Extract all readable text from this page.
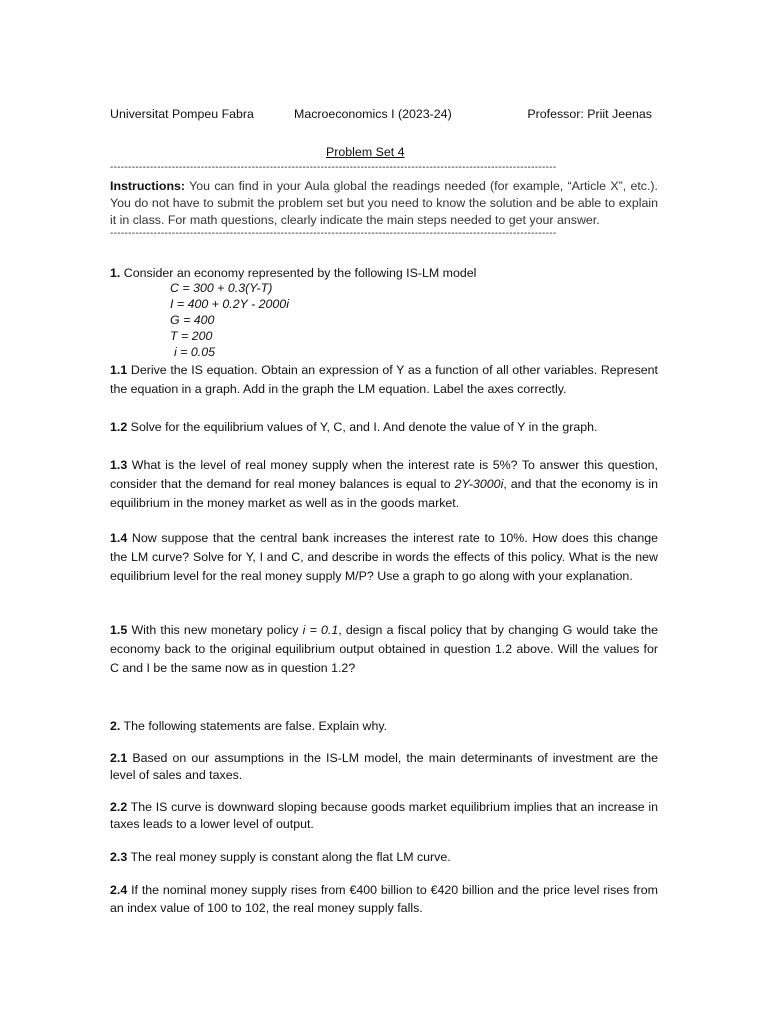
Universitat Pompeu Fabra	Macroeconomics I (2023-24)	Professor: Priit Jeenas
Problem Set 4
---------------------------------------------------------------------------------------------------------------------------
Instructions: You can find in your Aula global the readings needed (for example, “Article X”, etc.). You do not have to submit the problem set but you need to know the solution and be able to explain it in class. For math questions, clearly indicate the main steps needed to get your answer.
---------------------------------------------------------------------------------------------------------------------------
1. Consider an economy represented by the following IS-LM model
C = 300 + 0.3(Y-T)
I = 400 + 0.2Y - 2000i
G = 400
T = 200
i = 0.05
1.1 Derive the IS equation. Obtain an expression of Y as a function of all other variables. Represent the equation in a graph. Add in the graph the LM equation. Label the axes correctly.
1.2 Solve for the equilibrium values of Y, C, and I. And denote the value of Y in the graph.
1.3 What is the level of real money supply when the interest rate is 5%? To answer this question, consider that the demand for real money balances is equal to 2Y-3000i, and that the economy is in equilibrium in the money market as well as in the goods market.
1.4 Now suppose that the central bank increases the interest rate to 10%. How does this change the LM curve? Solve for Y, I and C, and describe in words the effects of this policy. What is the new equilibrium level for the real money supply M/P? Use a graph to go along with your explanation.
1.5 With this new monetary policy i = 0.1, design a fiscal policy that by changing G would take the economy back to the original equilibrium output obtained in question 1.2 above. Will the values for C and I be the same now as in question 1.2?
2. The following statements are false. Explain why.
2.1 Based on our assumptions in the IS-LM model, the main determinants of investment are the level of sales and taxes.
2.2 The IS curve is downward sloping because goods market equilibrium implies that an increase in taxes leads to a lower level of output.
2.3 The real money supply is constant along the flat LM curve.
2.4 If the nominal money supply rises from €400 billion to €420 billion and the price level rises from an index value of 100 to 102, the real money supply falls.
